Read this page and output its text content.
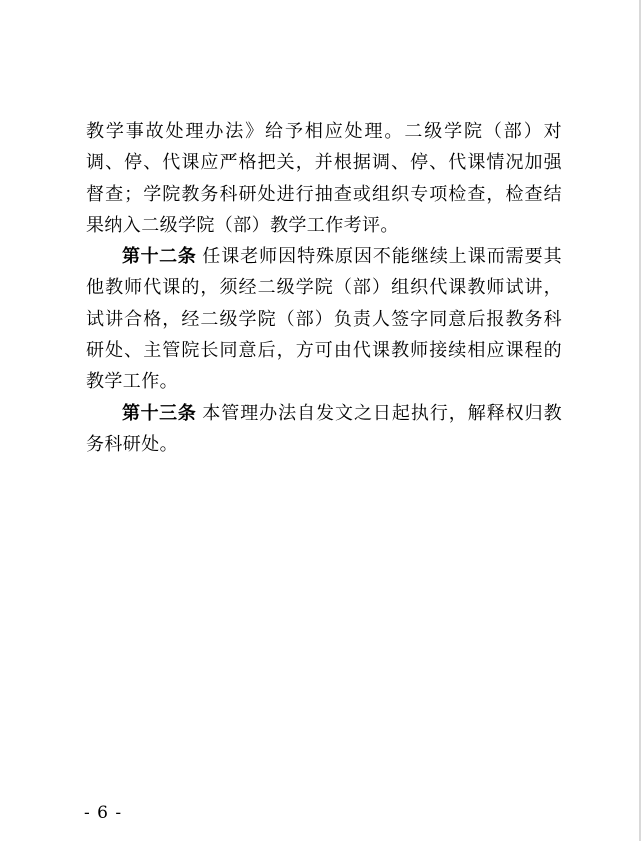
教学事故处理办法》给予相应处理。二级学院（部）对调、停、代课应严格把关，并根据调、停、代课情况加强督查；学院教务科研处进行抽查或组织专项检查，检查结果纳入二级学院（部）教学工作考评。

第十二条 任课老师因特殊原因不能继续上课而需要其他教师代课的，须经二级学院（部）组织代课教师试讲，试讲合格，经二级学院（部）负责人签字同意后报教务科研处、主管院长同意后，方可由代课教师接续相应课程的教学工作。

第十三条 本管理办法自发文之日起执行，解释权归教务科研处。

- 6 -
